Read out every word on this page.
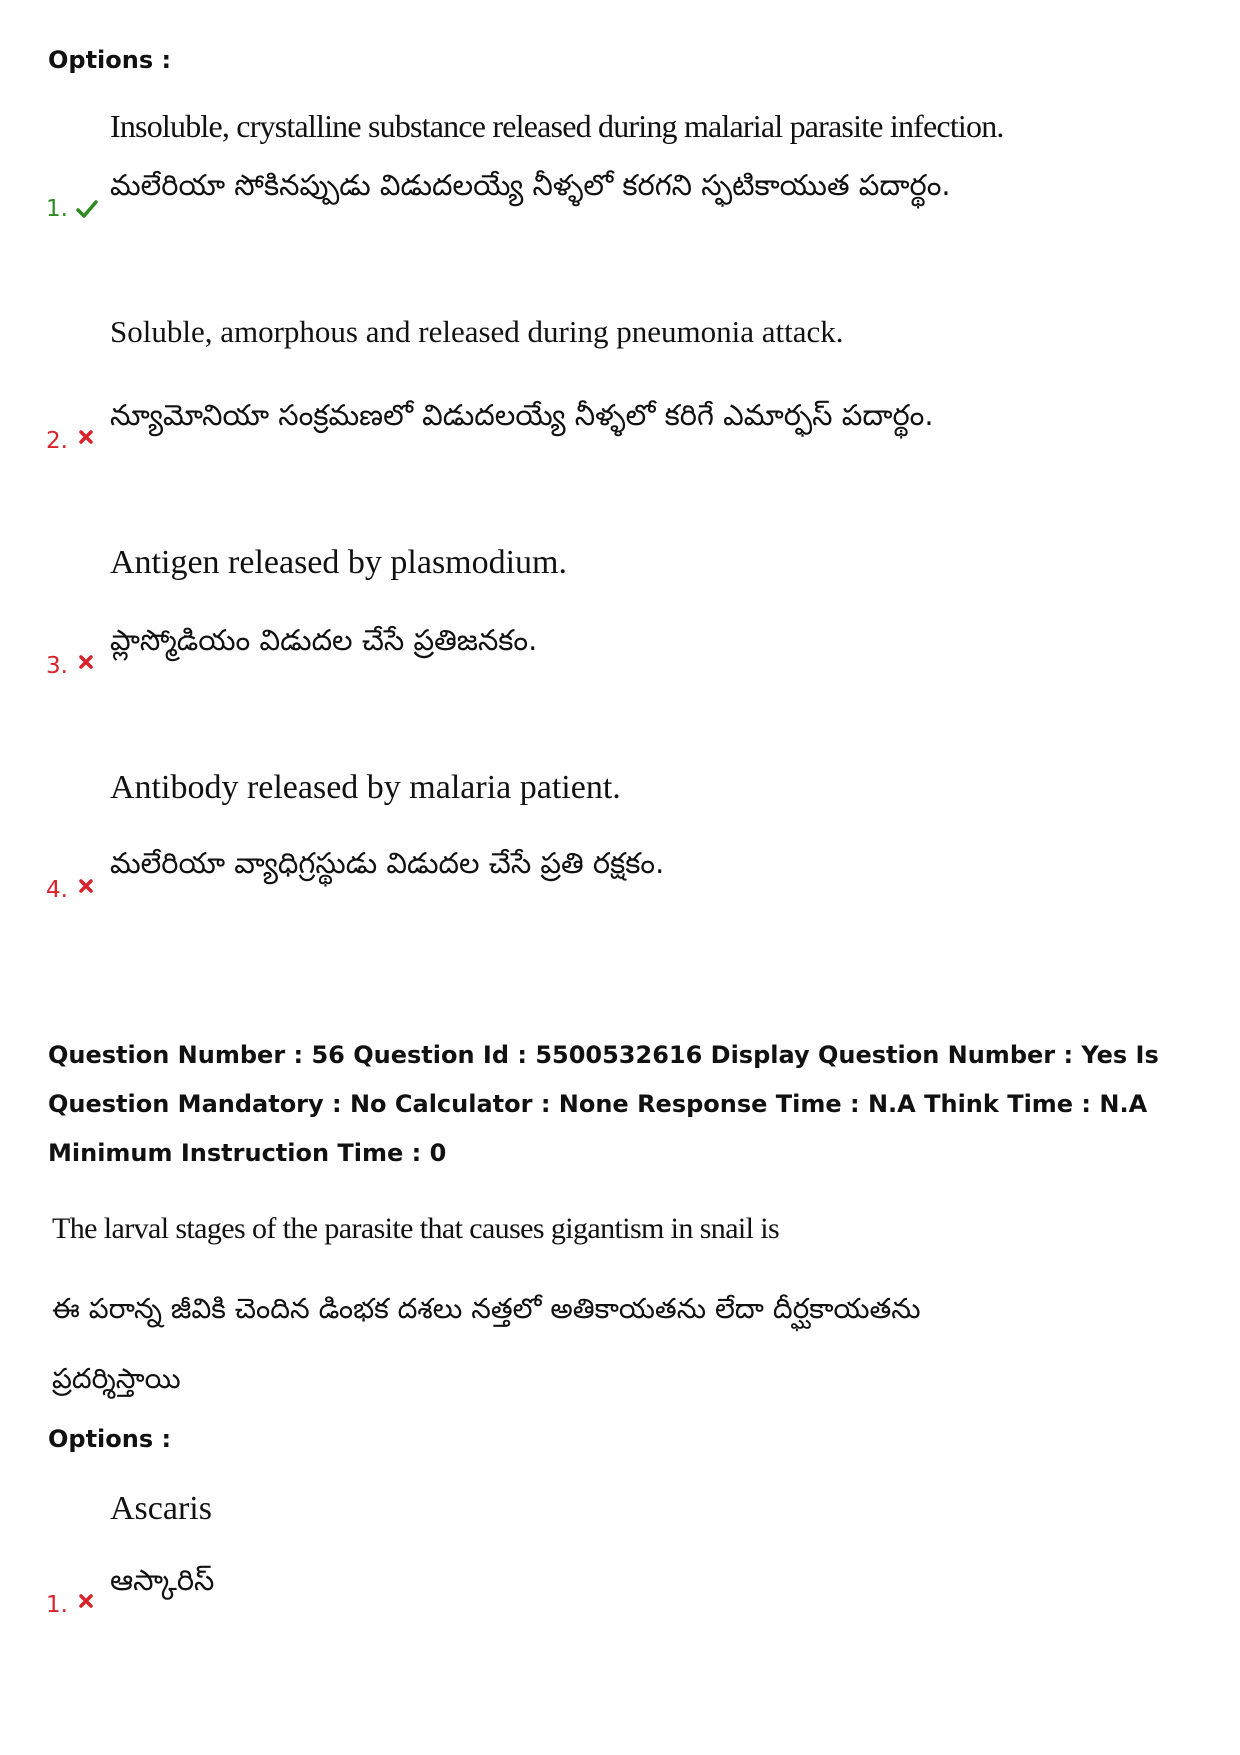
Options :
Insoluble, crystalline substance released during malarial parasite infection.
మలేరియా సోకినప్పుడు విడుదలయ్యే నీళ్ళలో కరగని స్ఫటికాయుత పదార్థం.
1.
Soluble, amorphous and released during pneumonia attack.
న్యూమోనియా సంక్రమణలో విడుదలయ్యే నీళ్ళలో కరిగే ఎమార్ఫస్ పదార్థం.
2.
Antigen released by plasmodium.
ప్లాస్మోడియం విడుదల చేసే ప్రతిజనకం.
3.
Antibody released by malaria patient.
మలేరియా వ్యాధిగ్రస్థుడు విడుదల చేసే ప్రతి రక్షకం.
4.
Question Number : 56 Question Id : 5500532616 Display Question Number : Yes Is Question Mandatory : No Calculator : None Response Time : N.A Think Time : N.A Minimum Instruction Time : 0
The larval stages of the parasite that causes gigantism in snail is
ఈ పరాన్న జీవికి చెందిన డింభక దశలు నత్తలో అతికాయతను లేదా దీర్ఘకాయతను
ప్రదర్శిస్తాయి
Options :
Ascaris
ఆస్కారిస్
1.
